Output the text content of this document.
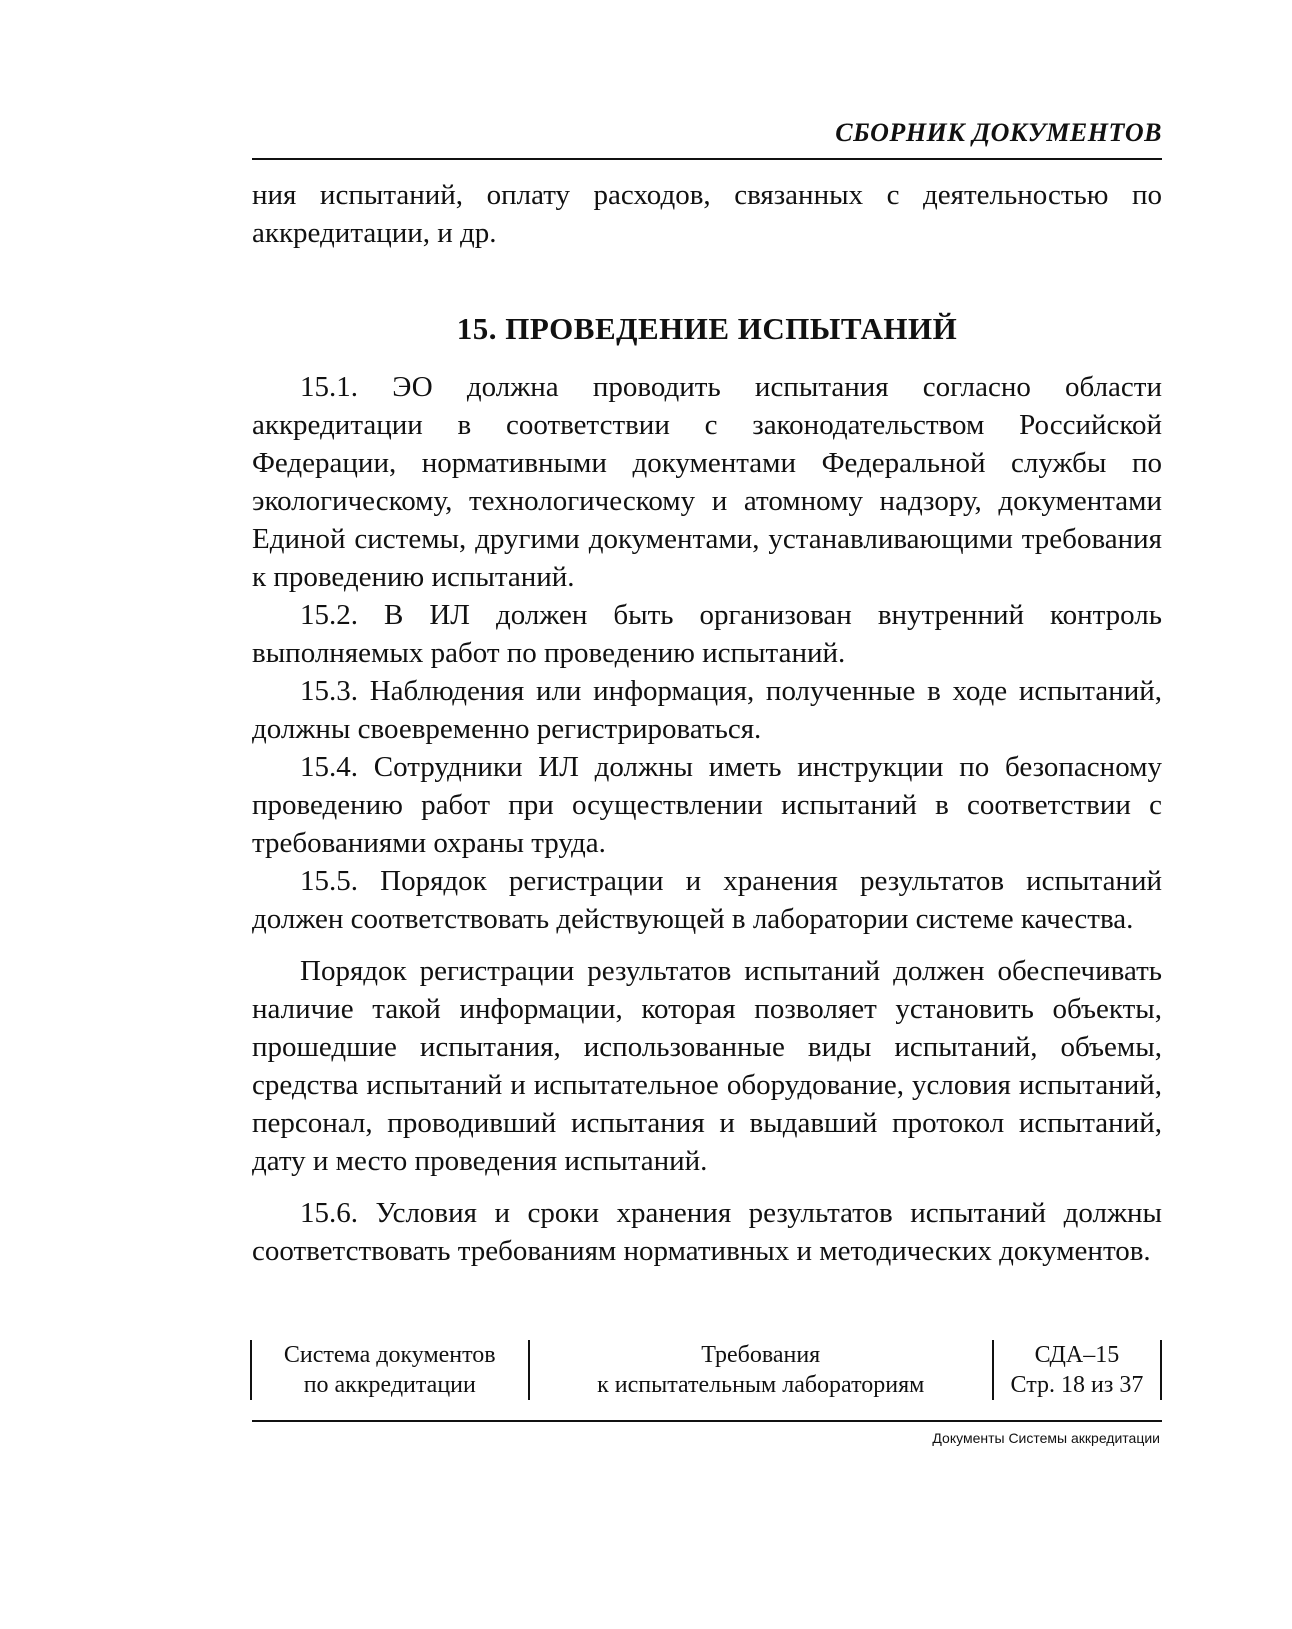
СБОРНИК ДОКУМЕНТОВ

ния испытаний, оплату расходов, связанных с деятельностью по аккредитации, и др.

15. ПРОВЕДЕНИЕ ИСПЫТАНИЙ

15.1. ЭО должна проводить испытания согласно области аккредитации в соответствии с законодательством Российской Федерации, нормативными документами Федеральной службы по экологическому, технологическому и атомному надзору, документами Единой системы, другими документами, устанавливающими требования к проведению испытаний.

15.2. В ИЛ должен быть организован внутренний контроль выполняемых работ по проведению испытаний.

15.3. Наблюдения или информация, полученные в ходе испытаний, должны своевременно регистрироваться.

15.4. Сотрудники ИЛ должны иметь инструкции по безопасному проведению работ при осуществлении испытаний в соответствии с требованиями охраны труда.

15.5. Порядок регистрации и хранения результатов испытаний должен соответствовать действующей в лаборатории системе качества.

Порядок регистрации результатов испытаний должен обеспечивать наличие такой информации, которая позволяет установить объекты, прошедшие испытания, использованные виды испытаний, объемы, средства испытаний и испытательное оборудование, условия испытаний, персонал, проводивший испытания и выдавший протокол испытаний, дату и место проведения испытаний.

15.6. Условия и сроки хранения результатов испытаний должны соответствовать требованиям нормативных и методических документов.

Система документов
по аккредитации

Требования
к испытательным лабораториям

СДА–15
Стр. 18 из 37
Документы Системы аккредитации
